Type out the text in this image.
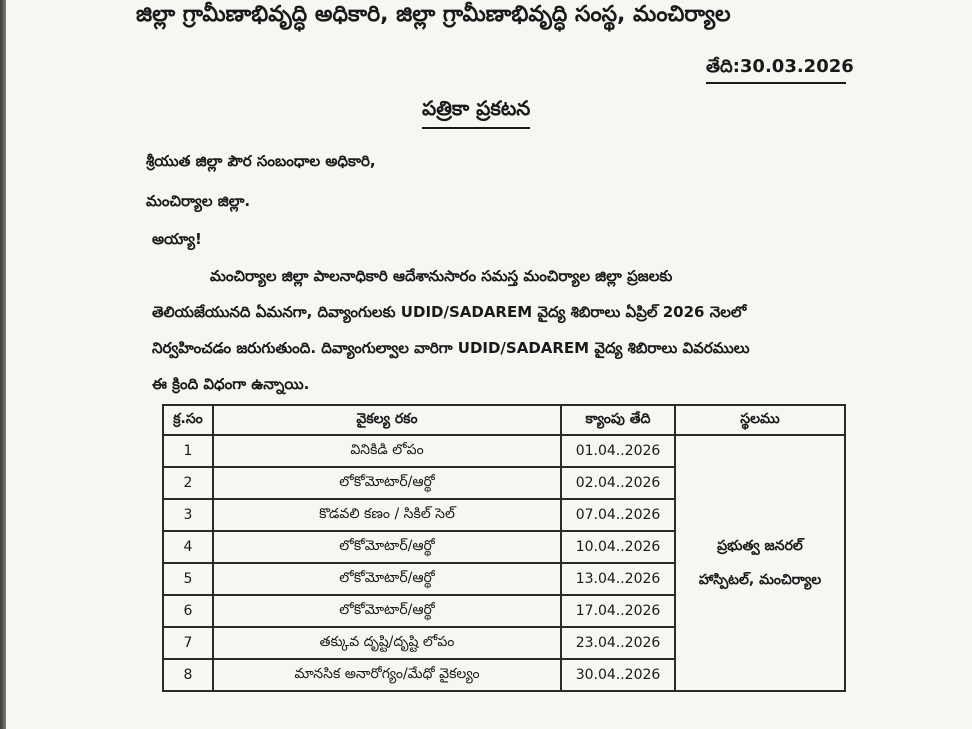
జిల్లా గ్రామీణాభివృద్ధి అధికారి, జిల్లా గ్రామీణాభివృద్ధి సంస్థ, మంచిర్యాల
తేది:30.03.2026
పత్రికా ప్రకటన
శ్రీయుత జిల్లా పౌర సంబంధాల అధికారి,
మంచిర్యాల జిల్లా.
అయ్యా!
మంచిర్యాల జిల్లా పాలనాధికారి ఆదేశానుసారం సమస్త మంచిర్యాల జిల్లా ప్రజలకు
తెలియజేయునది ఏమనగా, దివ్యాంగులకు UDID/SADAREM వైద్య శిబిరాలు ఏప్రిల్ 2026 నెలలో
నిర్వహించడం జరుగుతుంది. దివ్యాంగుల్వాల వారిగా UDID/SADAREM వైద్య శిబిరాలు వివరములు
ఈ క్రింది విధంగా ఉన్నాయి.
క్ర.సం	వైకల్య రకం	క్యాంపు తేది	స్థలము
1	వినికిడి లోపం	01.04..2026	ప్రభుత్వ జనరల్
హాస్పిటల్, మంచిర్యాల

2	లోకోమోటార్/ఆర్థో	02.04..2026	
3	కొడవలి కణం / సికిల్ సెల్	07.04..2026	
4	లోకోమోటార్/ఆర్థో	10.04..2026	
5	లోకోమోటార్/ఆర్థో	13.04..2026	
6	లోకోమోటార్/ఆర్థో	17.04..2026	
7	తక్కువ దృష్టి/దృష్టి లోపం	23.04..2026	
8	మానసిక అనారోగ్యం/మేధో వైకల్యం	30.04..2026	
